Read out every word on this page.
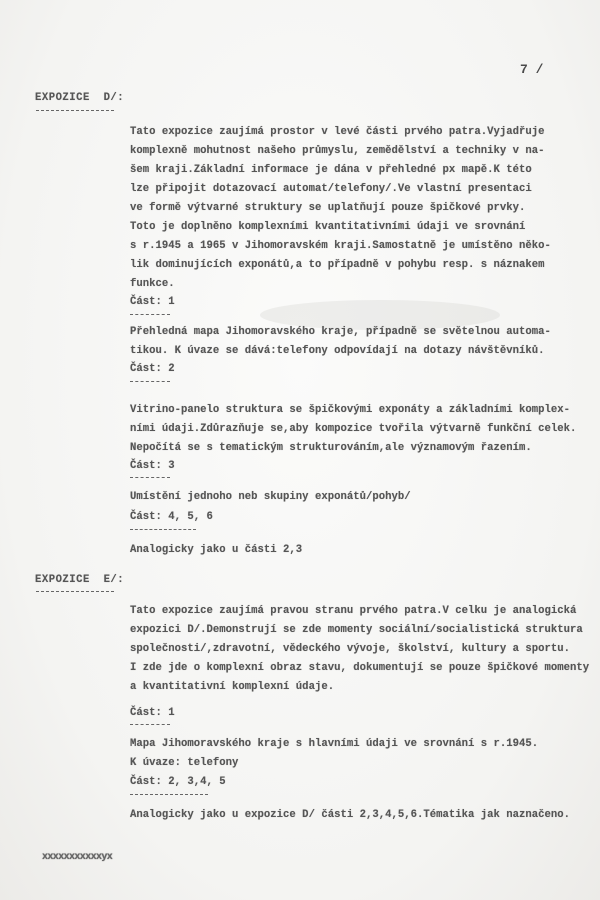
7 /
EXPOZICE  D/:
Tato expozice zaujímá prostor v levé části prvého patra.Vyjadřuje
komplexně mohutnost našeho průmyslu, zemědělství a techniky v na-
šem kraji.Základní informace je dána v přehledné px mapě.K této
lze připojit dotazovací automat/telefony/.Ve vlastní presentaci
ve formě výtvarné struktury se uplatňují pouze špičkové prvky.
Toto je doplněno komplexními kvantitativními údaji ve srovnání
s r.1945 a 1965 v Jihomoravském kraji.Samostatně je umístěno něko-
lik dominujících exponátů,a to případně v pohybu resp. s náznakem
funkce.
Část: 1
Přehledná mapa Jihomoravského kraje, případně se světelnou automa-
tikou. K úvaze se dává:telefony odpovídají na dotazy návštěvníků.
Část: 2
Vitrino-panelo struktura se špičkovými exponáty a základními komplex-
ními údaji.Zdůrazňuje se,aby kompozice tvořila výtvarně funkční celek.
Nepočítá se s tematickým strukturováním,ale významovým řazením.
Část: 3
Umístění jednoho neb skupiny exponátů/pohyb/
Část: 4, 5, 6
Analogicky jako u části 2,3
EXPOZICE  E/:
Tato expozice zaujímá pravou stranu prvého patra.V celku je analogická
expozici D/.Demonstrují se zde momenty sociální/socialistická struktura
společnosti/,zdravotní, vědeckého vývoje, školství, kultury a sportu.
I zde jde o komplexní obraz stavu, dokumentují se pouze špičkové momenty
a kvantitativní komplexní údaje.
Část: 1
Mapa Jihomoravského kraje s hlavními údaji ve srovnání s r.1945.
K úvaze: telefony
Část: 2, 3,4, 5
Analogicky jako u expozice D/ části 2,3,4,5,6.Tématika jak naznačeno.
xxxxxxxxxxxyx
